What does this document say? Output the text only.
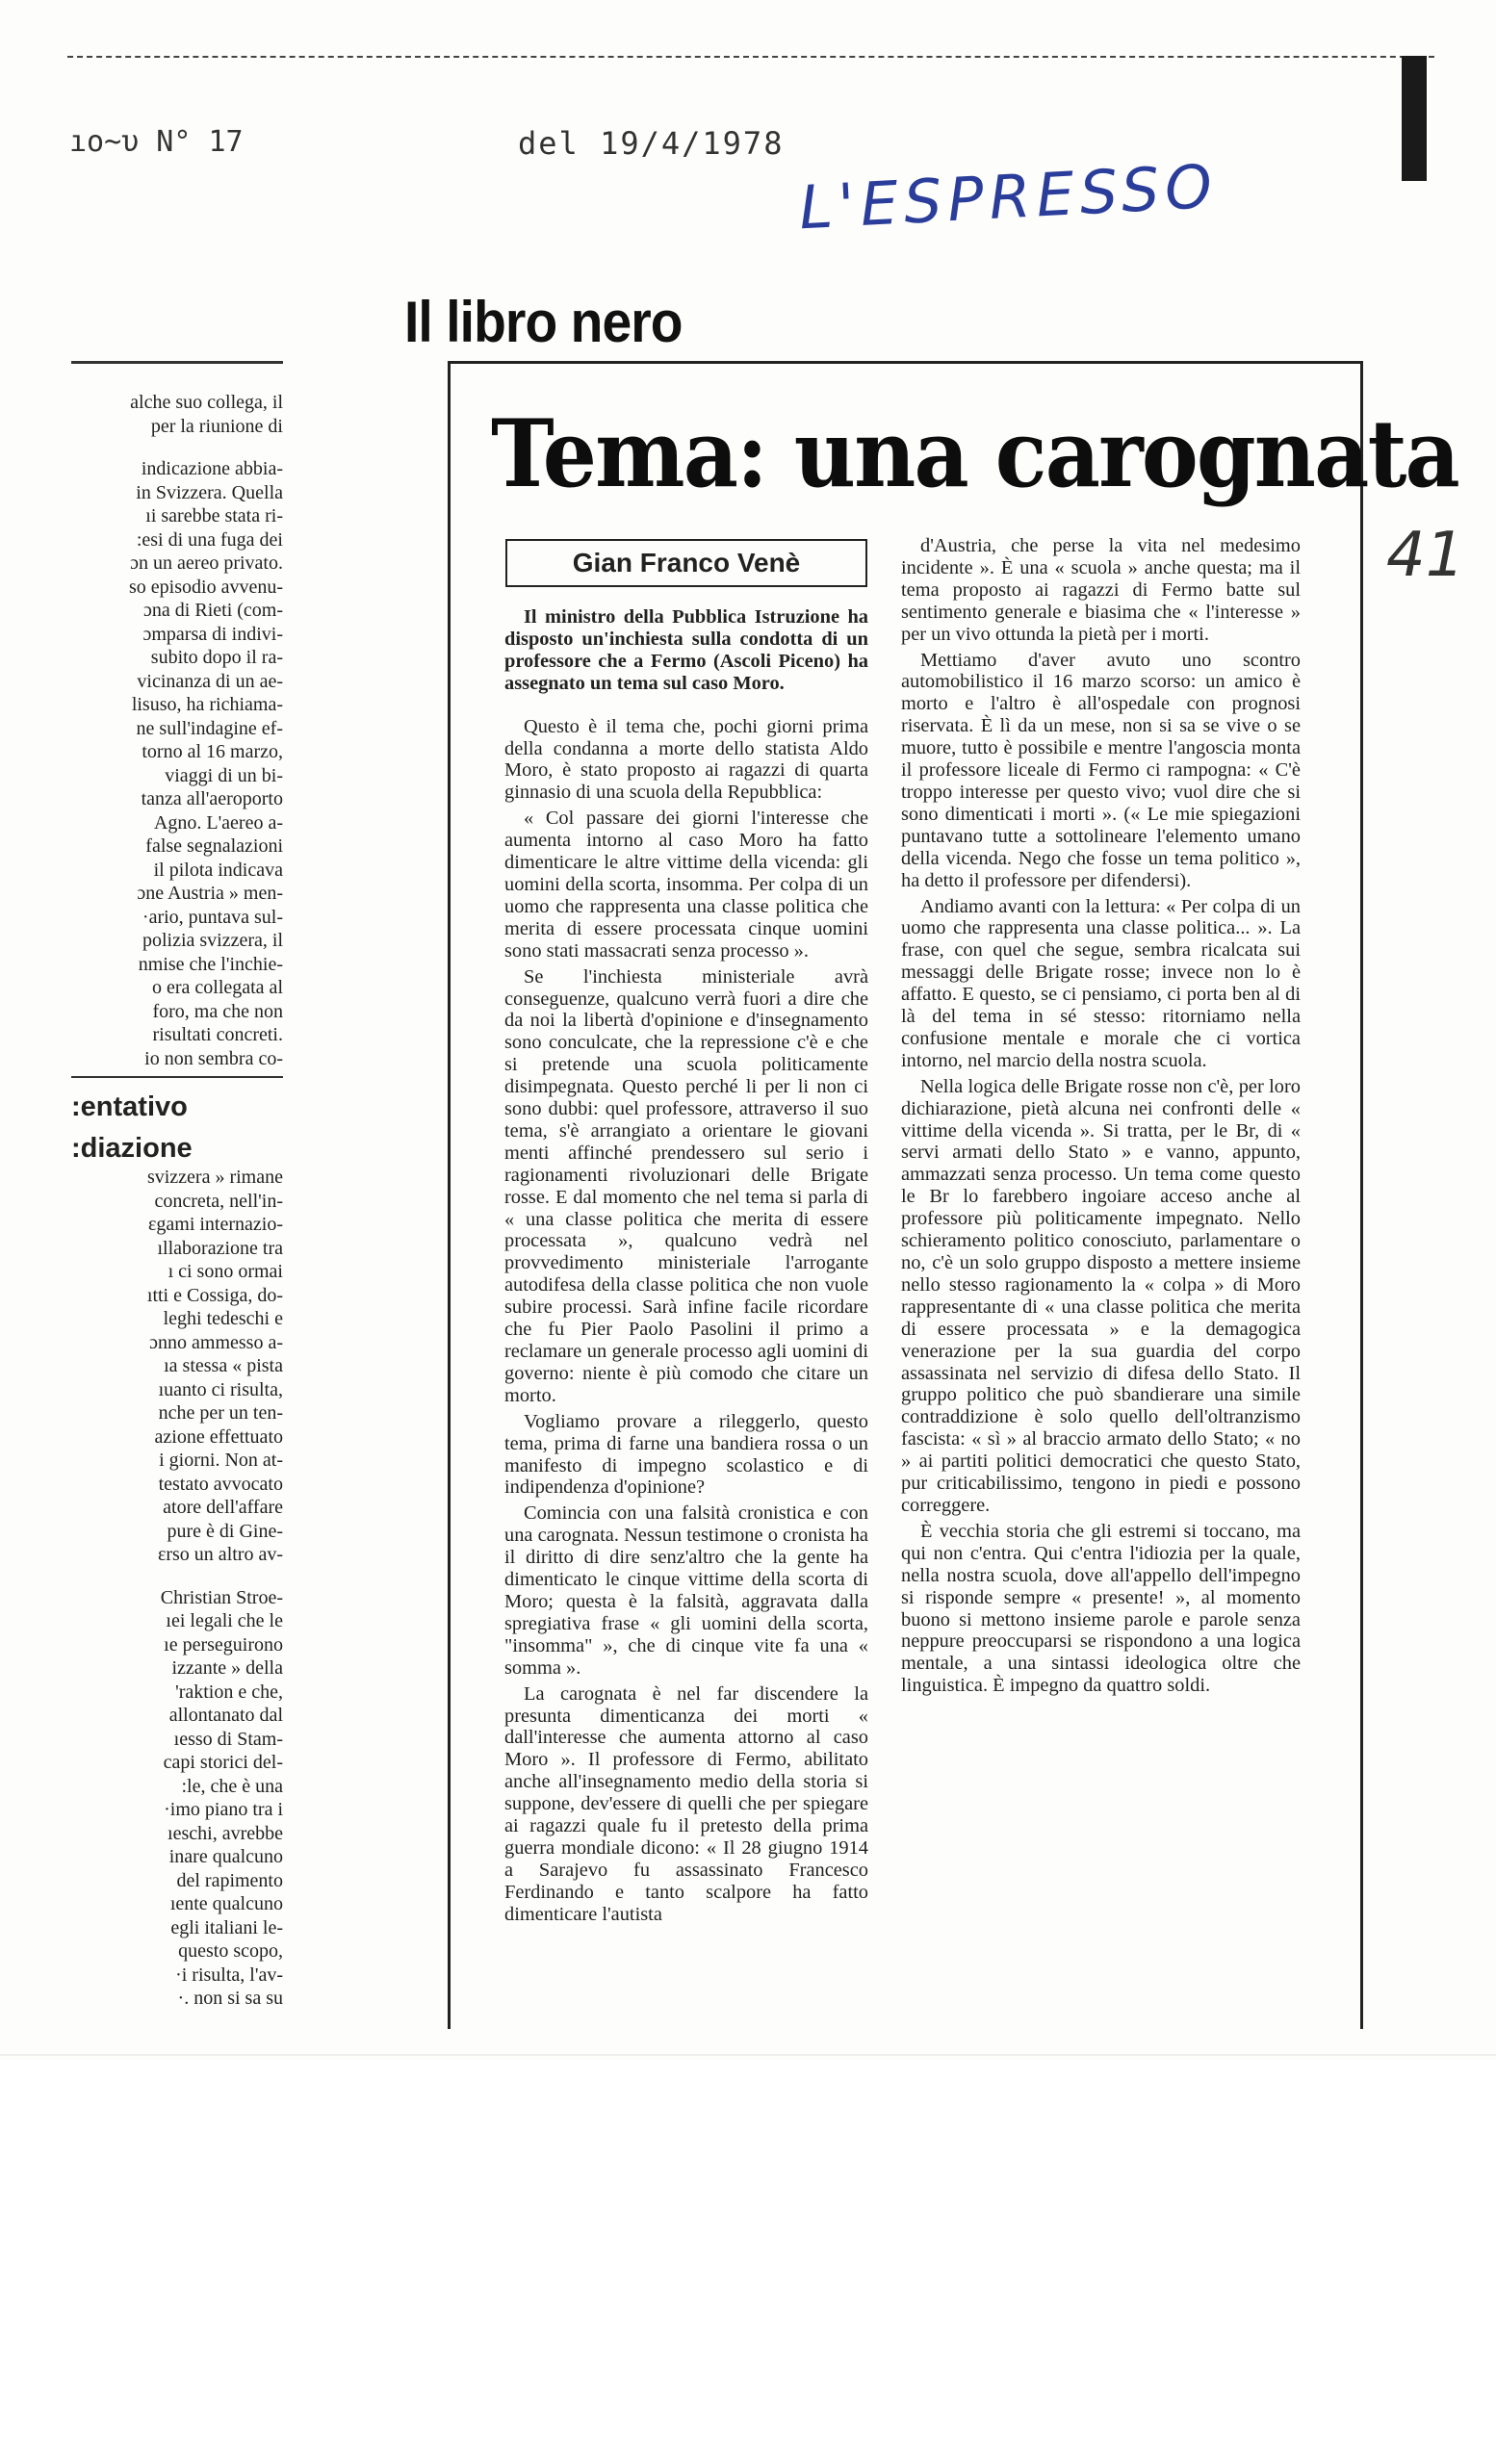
ıo~υ N° 17	del 19/4/1978
L'ESPRESSO
41

alche suo collega, il

per la riunione di

indicazione abbia-

in Svizzera. Quella

ıi sarebbe stata ri-

:esi di una fuga dei

ɔn un aereo privato.

so episodio avvenu-

ɔna di Rieti (com-

ɔmparsa di indivi-

subito dopo il ra-

vicinanza di un ae-

lisuso, ha richiama-

ne sull'indagine ef-

torno al 16 marzo,

viaggi di un bi-

tanza all'aeroporto

Agno. L'aereo a-

false segnalazioni

il pilota indicava

ɔne Austria » men-

·ario, puntava sul-

polizia svizzera, il

nmise che l'inchie-

o era collegata al

foro, ma che non

risultati concreti.

io non sembra co-

:entativo

:diazione

svizzera » rimane

concreta, nell'in-

ɛgami internazio-

ıllaborazione tra

ı ci sono ormai

ıtti e Cossiga, do-

leghi tedeschi e

ɔnno ammesso a-

ıa stessa « pista

ıuanto ci risulta,

nche per un ten-

azione effettuato

i giorni. Non at-

testato avvocato

atore dell'affare

pure è di Gine-

ɛrso un altro av-

Christian Stroe-

ıei legali che le

ıe perseguirono

izzante » della

'raktion e che,

allontanato dal

ıesso di Stam-

capi storici del-

:le, che è una

·imo piano tra i

ıeschi, avrebbe

inare qualcuno

del rapimento

ıente qualcuno

egli italiani le-

questo scopo,

·i risulta, l'av-

·. non si sa su

Il libro nero
Tema: una carognata
Gian Franco Venè

Il ministro della Pubblica Istruzione ha disposto un'inchiesta sulla condotta di un professore che a Fermo (Ascoli Piceno) ha assegnato un tema sul caso Moro.

Questo è il tema che, pochi giorni prima della condanna a morte dello statista Aldo Moro, è stato proposto ai ragazzi di quarta ginnasio di una scuola della Repubblica:

« Col passare dei giorni l'interesse che aumenta intorno al caso Moro ha fatto dimenticare le altre vittime della vicenda: gli uomini della scorta, insomma. Per colpa di un uomo che rappresenta una classe politica che merita di essere processata cinque uomini sono stati massacrati senza processo ».

Se l'inchiesta ministeriale avrà conseguenze, qualcuno verrà fuori a dire che da noi la libertà d'opinione e d'insegnamento sono conculcate, che la repressione c'è e che si pretende una scuola politicamente disimpegnata. Questo perché li per li non ci sono dubbi: quel professore, attraverso il suo tema, s'è arrangiato a orientare le giovani menti affinché prendessero sul serio i ragionamenti rivoluzionari delle Brigate rosse. E dal momento che nel tema si parla di « una classe politica che merita di essere processata », qualcuno vedrà nel provvedimento ministeriale l'arrogante autodifesa della classe politica che non vuole subire processi. Sarà infine facile ricordare che fu Pier Paolo Pasolini il primo a reclamare un generale processo agli uomini di governo: niente è più comodo che citare un morto.

Vogliamo provare a rileggerlo, questo tema, prima di farne una bandiera rossa o un manifesto di impegno scolastico e di indipendenza d'opinione?

Comincia con una falsità cronistica e con una carognata. Nessun testimone o cronista ha il diritto di dire senz'altro che la gente ha dimenticato le cinque vittime della scorta di Moro; questa è la falsità, aggravata dalla spregiativa frase « gli uomini della scorta, "insomma" », che di cinque vite fa una « somma ».

La carognata è nel far discendere la presunta dimenticanza dei morti « dall'interesse che aumenta attorno al caso Moro ». Il professore di Fermo, abilitato anche all'insegnamento medio della storia si suppone, dev'essere di quelli che per spiegare ai ragazzi quale fu il pretesto della prima guerra mondiale dicono: « Il 28 giugno 1914 a Sarajevo fu assassinato Francesco Ferdinando e tanto scalpore ha fatto dimenticare l'autista

d'Austria, che perse la vita nel medesimo incidente ». È una « scuola » anche questa; ma il tema proposto ai ragazzi di Fermo batte sul sentimento generale e biasima che « l'interesse » per un vivo ottunda la pietà per i morti.

Mettiamo d'aver avuto uno scontro automobilistico il 16 marzo scorso: un amico è morto e l'altro è all'ospedale con prognosi riservata. È lì da un mese, non si sa se vive o se muore, tutto è possibile e mentre l'angoscia monta il professore liceale di Fermo ci rampogna: « C'è troppo interesse per questo vivo; vuol dire che si sono dimenticati i morti ». (« Le mie spiegazioni puntavano tutte a sottolineare l'elemento umano della vicenda. Nego che fosse un tema politico », ha detto il professore per difendersi).

Andiamo avanti con la lettura: « Per colpa di un uomo che rappresenta una classe politica... ». La frase, con quel che segue, sembra ricalcata sui messaggi delle Brigate rosse; invece non lo è affatto. E questo, se ci pensiamo, ci porta ben al di là del tema in sé stesso: ritorniamo nella confusione mentale e morale che ci vortica intorno, nel marcio della nostra scuola.

Nella logica delle Brigate rosse non c'è, per loro dichiarazione, pietà alcuna nei confronti delle « vittime della vicenda ». Si tratta, per le Br, di « servi armati dello Stato » e vanno, appunto, ammazzati senza processo. Un tema come questo le Br lo farebbero ingoiare acceso anche al professore più politicamente impegnato. Nello schieramento politico conosciuto, parlamentare o no, c'è un solo gruppo disposto a mettere insieme nello stesso ragionamento la « colpa » di Moro rappresentante di « una classe politica che merita di essere processata » e la demagogica venerazione per la sua guardia del corpo assassinata nel servizio di difesa dello Stato. Il gruppo politico che può sbandierare una simile contraddizione è solo quello dell'oltranzismo fascista: « sì » al braccio armato dello Stato; « no » ai partiti politici democratici che questo Stato, pur criticabilissimo, tengono in piedi e possono correggere.

È vecchia storia che gli estremi si toccano, ma qui non c'entra. Qui c'entra l'idiozia per la quale, nella nostra scuola, dove all'appello dell'impegno si risponde sempre « presente! », al momento buono si mettono insieme parole e parole senza neppure preoccuparsi se rispondono a una logica mentale, a una sintassi ideologica oltre che linguistica. È impegno da quattro soldi.
